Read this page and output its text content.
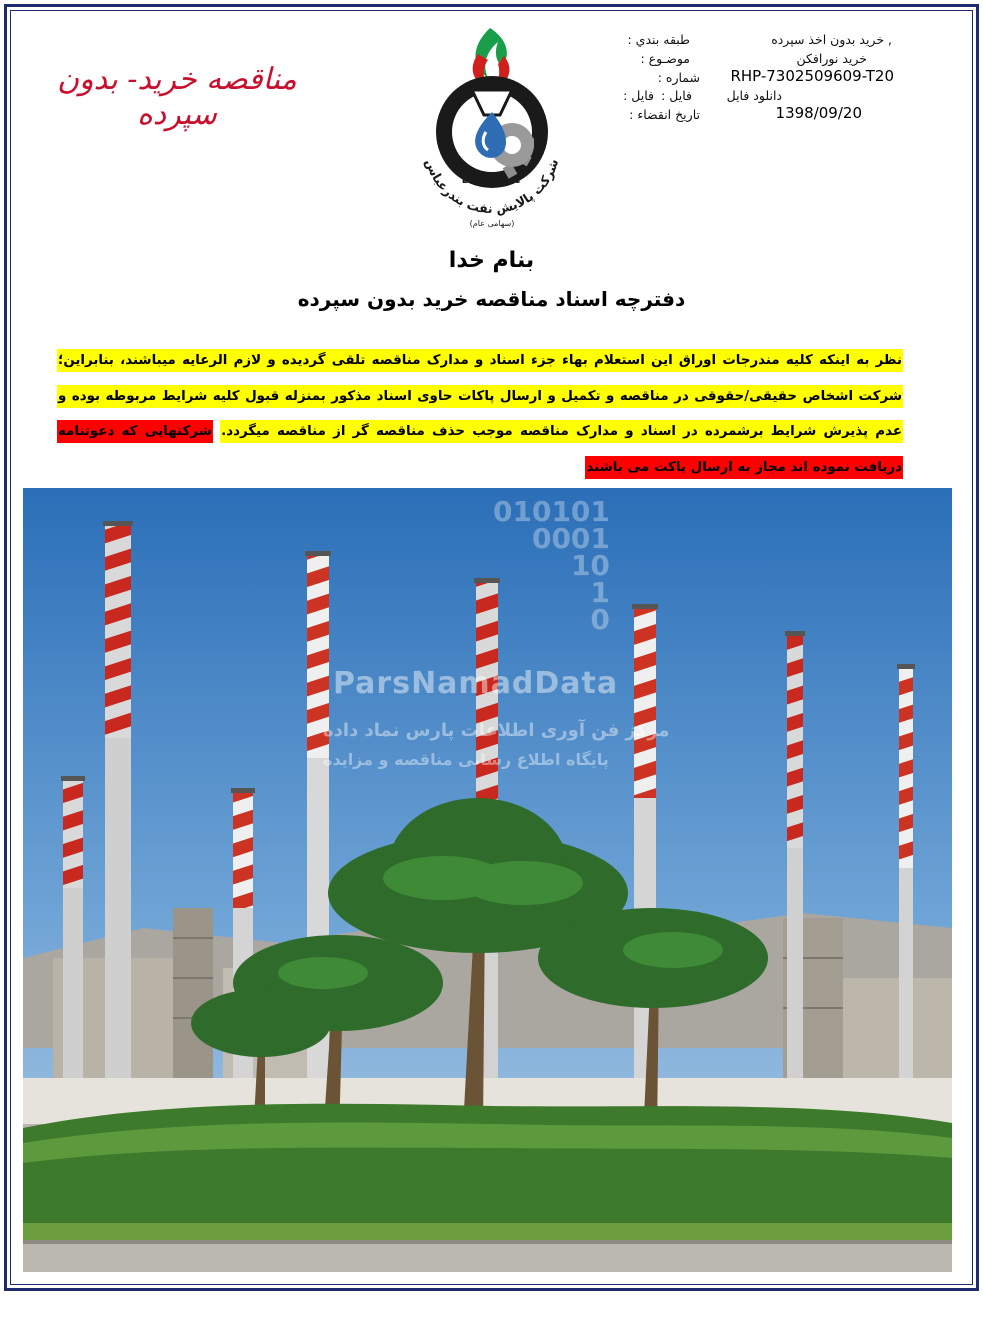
مناقصه خرید- بدون سپرده
طبقه بندي :	, خرید بدون اخذ سپرده
موضـوع :	خرید نورافکن
شماره : RHP-7302509609-T20
فایل : فایل :	دانلود فایل
تاريخ انقضاء :	1398/09/20
B.O.R.C
شرکت پالایش نفت بندرعباس
(سهامی عام)
بنام خدا
دفترچه اسناد مناقصه خرید بدون سپرده
نظر به اینکه کلیه مندرجات اوراق این استعلام بهاء جزء اسناد و مدارک مناقصه تلقی گردیده و لازم الرعایه میباشند، بنابراین؛ شرکت اشخاص حقیقی/حقوقی در مناقصه و تکمیل و ارسال پاکات حاوی اسناد مذکور بمنزله قبول کلیه شرایط مربوطه بوده و عدم پذیرش شرایط برشمرده در اسناد و مدارک مناقصه موجب حذف مناقصه گر از مناقصه میگردد. شرکتهایی که دعوتنامه دریافت نموده اند مجاز به ارسال پاکت می باشند
010101
0001
10
1
0
ParsNamadData
مرکز فن آوری اطلاعات پارس نماد داده
پایگاه اطلاع رسانی مناقصه و مزایده
